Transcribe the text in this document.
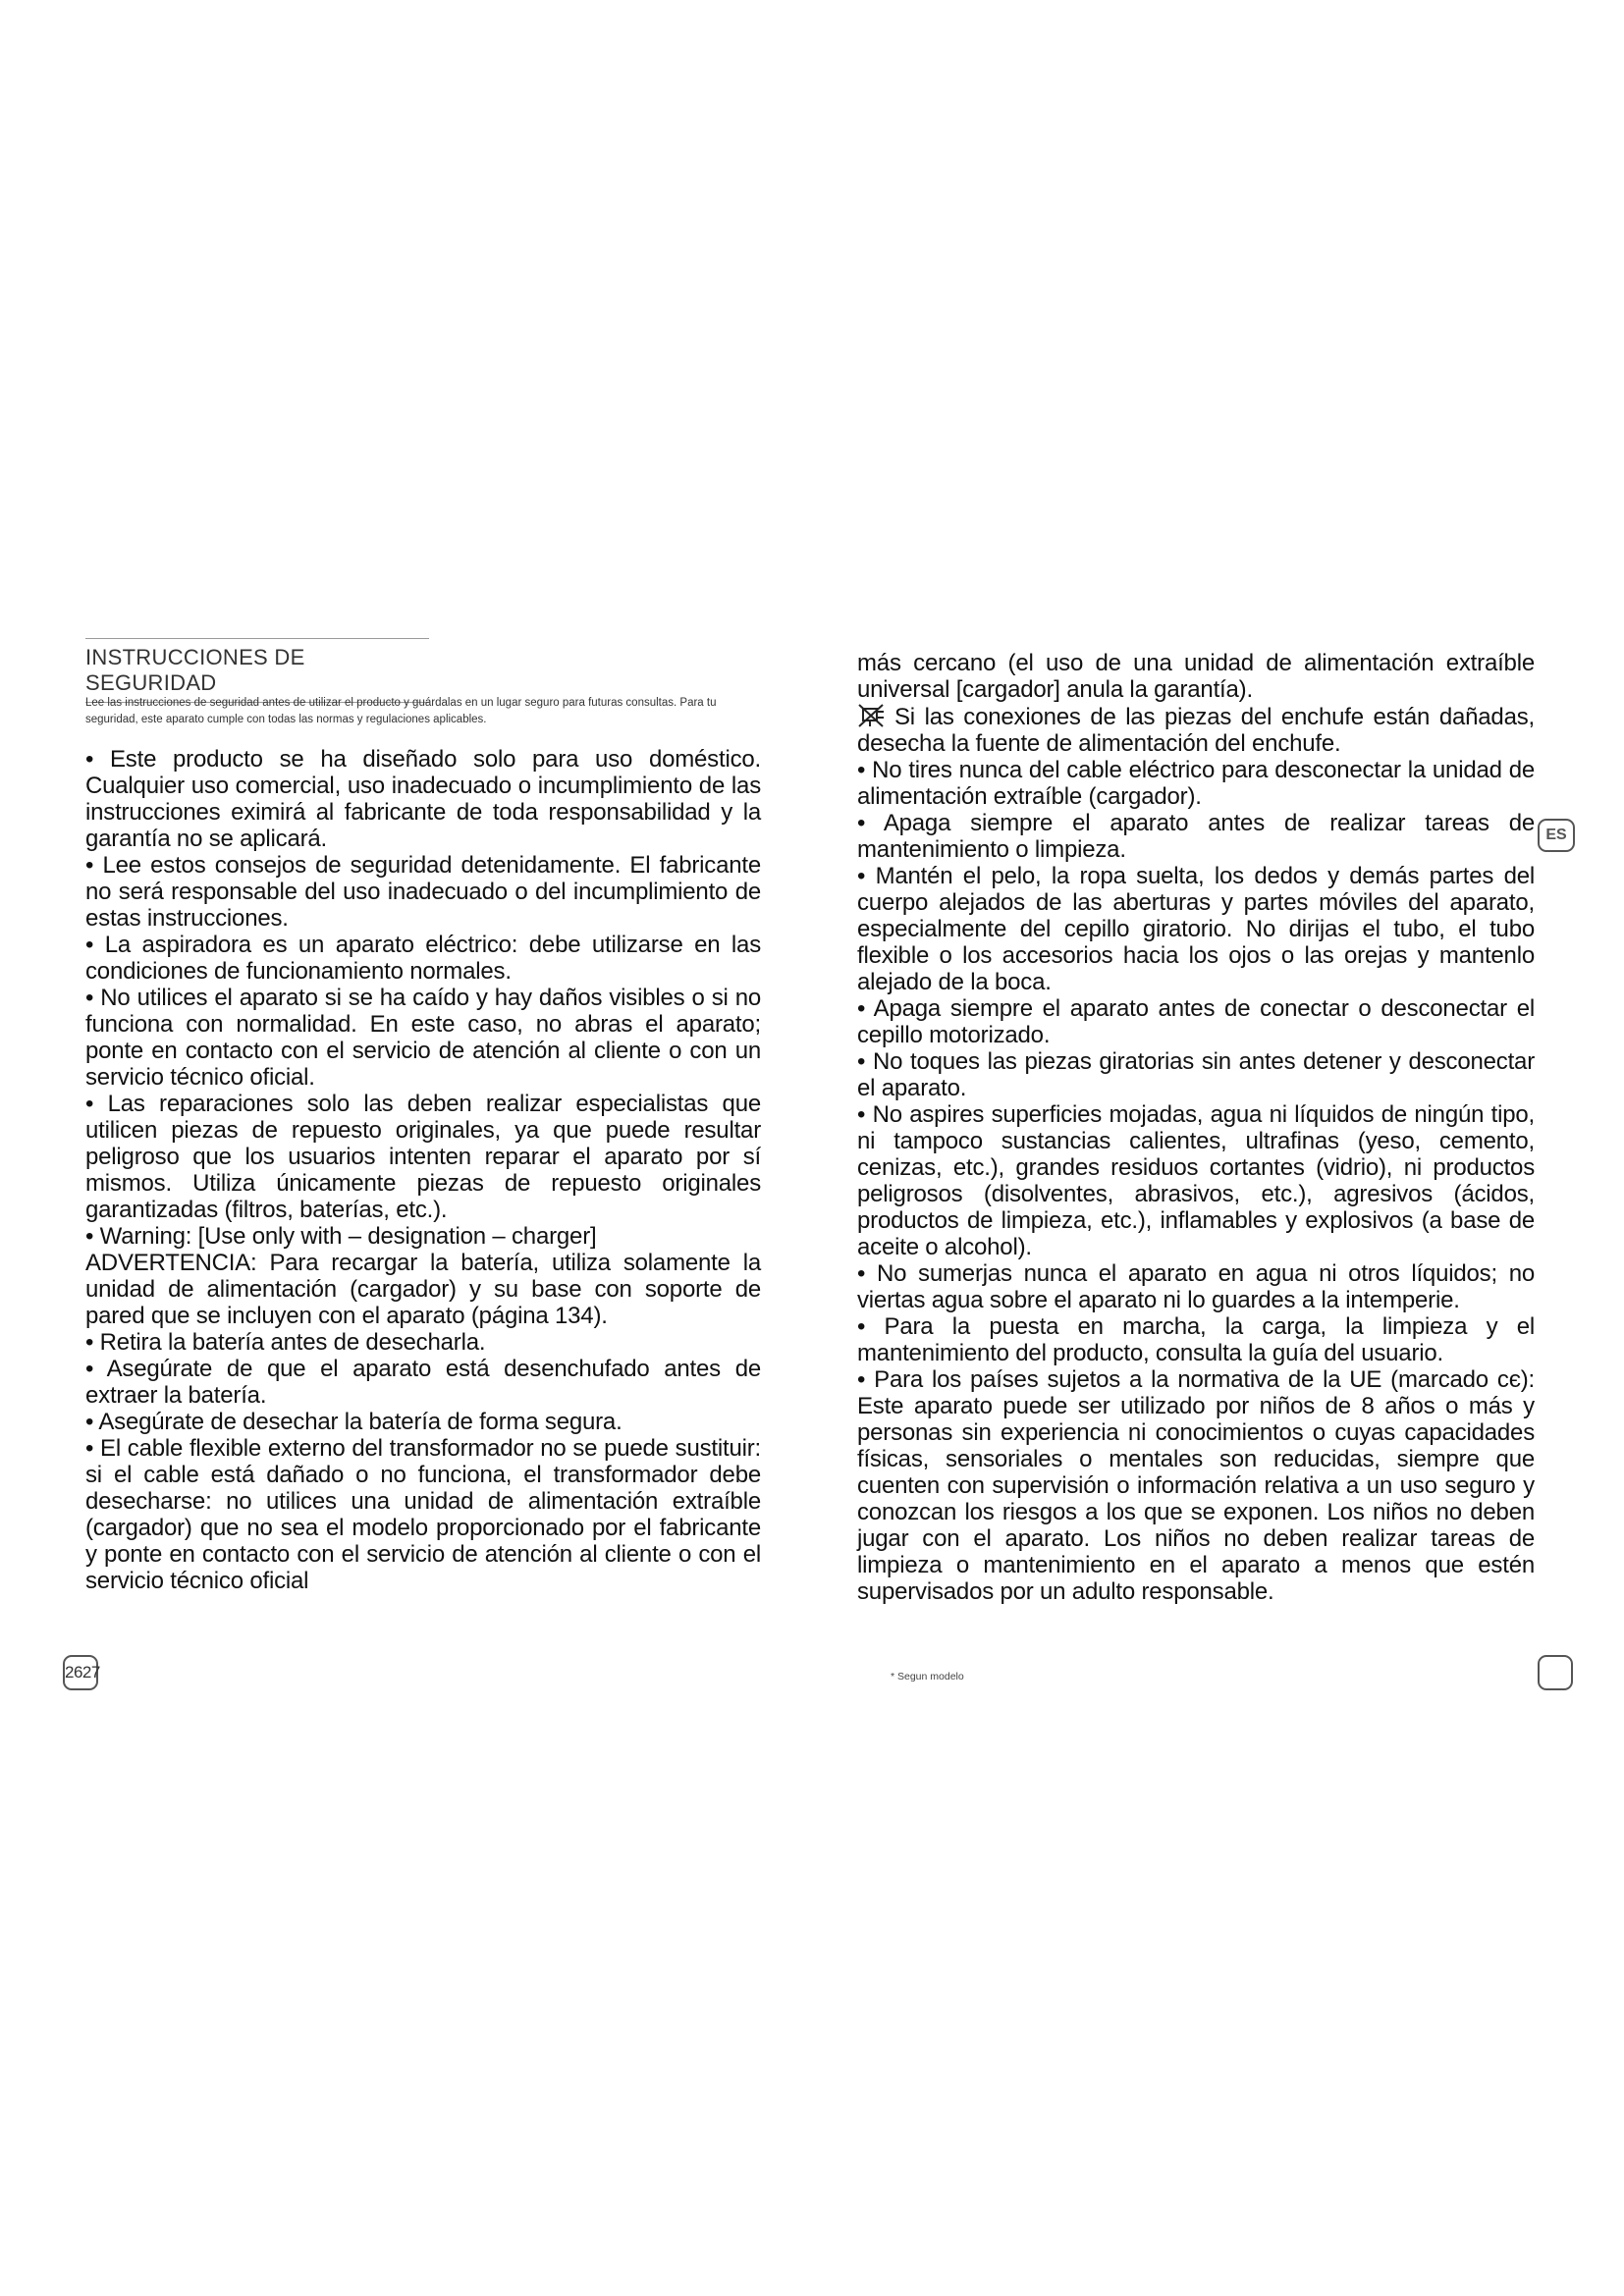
INSTRUCCIONES DE SEGURIDAD
Lee las instrucciones de seguridad antes de utilizar el producto y guárdalas en un lugar seguro para futuras consultas. Para tu seguridad, este aparato cumple con todas las normas y regulaciones aplicables.

• Este producto se ha diseñado solo para uso doméstico. Cualquier uso comercial, uso inadecuado o incumplimiento de las instrucciones eximirá al fabricante de toda responsabilidad y la garantía no se aplicará.

• Lee estos consejos de seguridad detenidamente. El fabricante no será responsable del uso inadecuado o del incumplimiento de estas instrucciones.

• La aspiradora es un aparato eléctrico: debe utilizarse en las condiciones de funcionamiento normales.

• No utilices el aparato si se ha caído y hay daños visibles o si no funciona con normalidad. En este caso, no abras el aparato; ponte en contacto con el servicio de atención al cliente o con un servicio técnico oficial.

• Las reparaciones solo las deben realizar especialistas que utilicen piezas de repuesto originales, ya que puede resultar peligroso que los usuarios intenten reparar el aparato por sí mismos. Utiliza únicamente piezas de repuesto originales garantizadas (filtros, baterías, etc.).

• Warning: [Use only with – designation – charger]

ADVERTENCIA: Para recargar la batería, utiliza solamente la unidad de alimentación (cargador) y su base con soporte de pared que se incluyen con el aparato (página 134).

• Retira la batería antes de desecharla.

• Asegúrate de que el aparato está desenchufado antes de extraer la batería.

• Asegúrate de desechar la batería de forma segura.

• El cable flexible externo del transformador no se puede sustituir: si el cable está dañado o no funciona, el transformador debe desecharse: no utilices una unidad de alimentación extraíble (cargador) que no sea el modelo proporcionado por el fabricante y ponte en contacto con el servicio de atención al cliente o con el servicio técnico oficial

más cercano (el uso de una unidad de alimentación extraíble universal [cargador] anula la garantía).

Si las conexiones de las piezas del enchufe están dañadas, desecha la fuente de alimentación del enchufe.

• No tires nunca del cable eléctrico para desconectar la unidad de alimentación extraíble (cargador).

• Apaga siempre el aparato antes de realizar tareas de mantenimiento o limpieza.

• Mantén el pelo, la ropa suelta, los dedos y demás partes del cuerpo alejados de las aberturas y partes móviles del aparato, especialmente del cepillo giratorio. No dirijas el tubo, el tubo flexible o los accesorios hacia los ojos o las orejas y mantenlo alejado de la boca.

• Apaga siempre el aparato antes de conectar o desconectar el cepillo motorizado.

• No toques las piezas giratorias sin antes detener y desconectar el aparato.

• No aspires superficies mojadas, agua ni líquidos de ningún tipo, ni tampoco sustancias calientes, ultrafinas (yeso, cemento, cenizas, etc.), grandes residuos cortantes (vidrio), ni productos peligrosos (disolventes, abrasivos, etc.), agresivos (ácidos, productos de limpieza, etc.), inflamables y explosivos (a base de aceite o alcohol).

• No sumerjas nunca el aparato en agua ni otros líquidos; no viertas agua sobre el aparato ni lo guardes a la intemperie.

• Para la puesta en marcha, la carga, la limpieza y el mantenimiento del producto, consulta la guía del usuario.

• Para los países sujetos a la normativa de la UE (marcado ϲє): Este aparato puede ser utilizado por niños de 8 años o más y personas sin experiencia ni conocimientos o cuyas capacidades físicas, sensoriales o mentales son reducidas, siempre que cuenten con supervisión o información relativa a un uso seguro y conozcan los riesgos a los que se exponen. Los niños no deben jugar con el aparato. Los niños no deben realizar tareas de limpieza o mantenimiento en el aparato a menos que estén supervisados por un adulto responsable.

ES
2627	* Segun modelo
